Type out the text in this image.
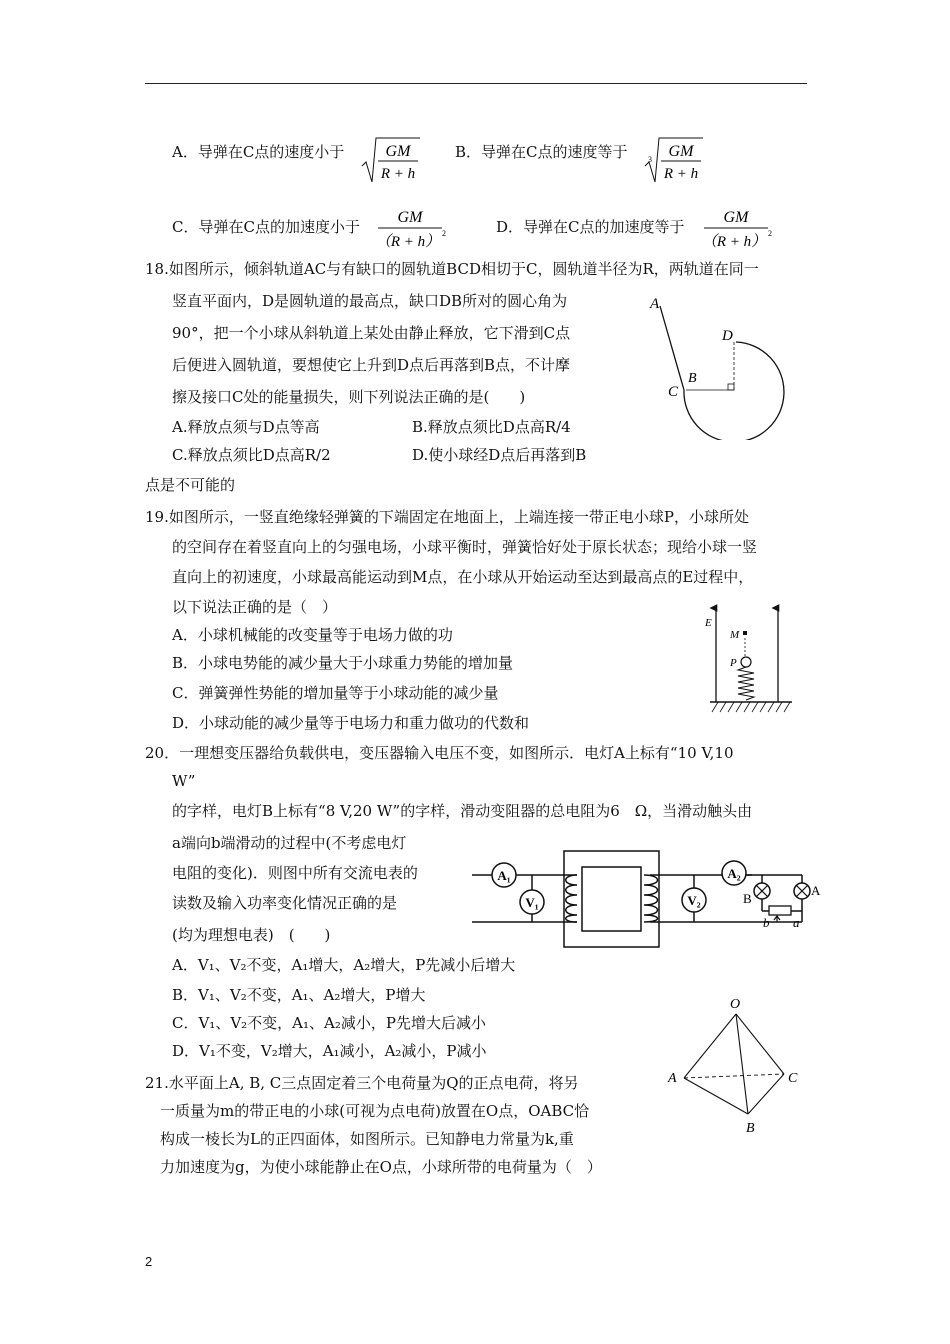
A．导弹在C点的速度小于	GM
R + h
B．导弹在C点的速度等于	3 GM
R + h
C．导弹在C点的加速度小于
GM
（R + h）
2	D．导弹在C点的加速度等于
GM
（R + h）
2
18.如图所示，倾斜轨道AC与有缺口的圆轨道BCD相切于C，圆轨道半径为R，两轨道在同一
竖直平面内，D是圆轨道的最高点，缺口DB所对的圆心角为
90°，把一个小球从斜轨道上某处由静止释放，它下滑到C点
后便进入圆轨道，要想使它上升到D点后再落到B点，不计摩
擦及接口C处的能量损失，则下列说法正确的是(　　)
A.释放点须与D点等高	B.释放点须比D点高R/4
C.释放点须比D点高R/2	D.使小球经D点后再落到B
点是不可能的
A
D
B
C
19.如图所示，一竖直绝缘轻弹簧的下端固定在地面上，上端连接一带正电小球P，小球所处
的空间存在着竖直向上的匀强电场，小球平衡时，弹簧恰好处于原长状态；现给小球一竖
直向上的初速度，小球最高能运动到M点，在小球从开始运动至达到最高点的E过程中，
以下说法正确的是（　）
A．小球机械能的改变量等于电场力做的功
B．小球电势能的减少量大于小球重力势能的增加量
C．弹簧弹性势能的增加量等于小球动能的减少量
D．小球动能的减少量等于电场力和重力做功的代数和
E
M
P
20．一理想变压器给负载供电，变压器输入电压不变，如图所示．电灯A上标有“10 V,10
W”
的字样，电灯B上标有“8 V,20 W”的字样，滑动变阻器的总电阻为6　Ω，当滑动触头由
a端向b端滑动的过程中(不考虑电灯
电阻的变化)．则图中所有交流电表的
读数及输入功率变化情况正确的是
(均为理想电表)　(　　)
A．V₁、V₂不变，A₁增大，A₂增大，P先减小后增大
B．V₁、V₂不变，A₁、A₂增大，P增大
C．V₁、V₂不变，A₁、A₂减小，P先增大后减小
D．V₁不变，V₂增大，A₁减小，A₂减小，P减小
A₁
V₁	V₂
A₂
B
A
b a
21.水平面上A, B, C三点固定着三个电荷量为Q的正点电荷，将另
一质量为m的带正电的小球(可视为点电荷)放置在O点，OABC恰
构成一棱长为L的正四面体，如图所示。已知静电力常量为k,重
力加速度为g，为使小球能静止在O点，小球所带的电荷量为（　）
O
A	C
B
2
